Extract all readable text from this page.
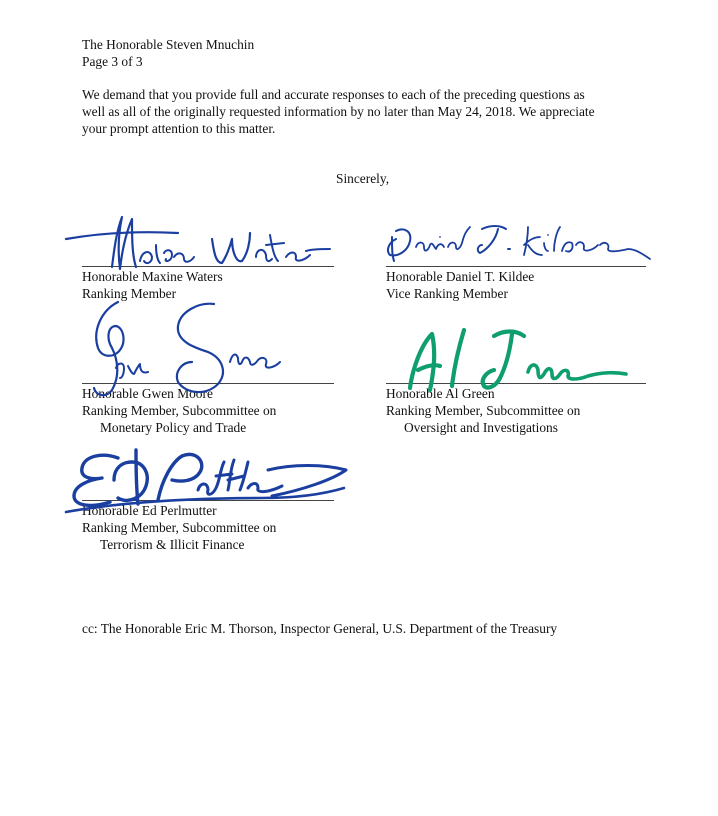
The Honorable Steven Mnuchin
Page 3 of 3
We demand that you provide full and accurate responses to each of the preceding questions as
well as all of the originally requested information by no later than May 24, 2018. We appreciate
your prompt attention to this matter.
Sincerely,
Honorable Maxine Waters
Ranking Member
Honorable Daniel T. Kildee
Vice Ranking Member
Honorable Gwen Moore
Ranking Member, Subcommittee on
Monetary Policy and Trade
Honorable Al Green
Ranking Member, Subcommittee on
Oversight and Investigations
Honorable Ed Perlmutter
Ranking Member, Subcommittee on
Terrorism & Illicit Finance
cc: The Honorable Eric M. Thorson, Inspector General, U.S. Department of the Treasury
